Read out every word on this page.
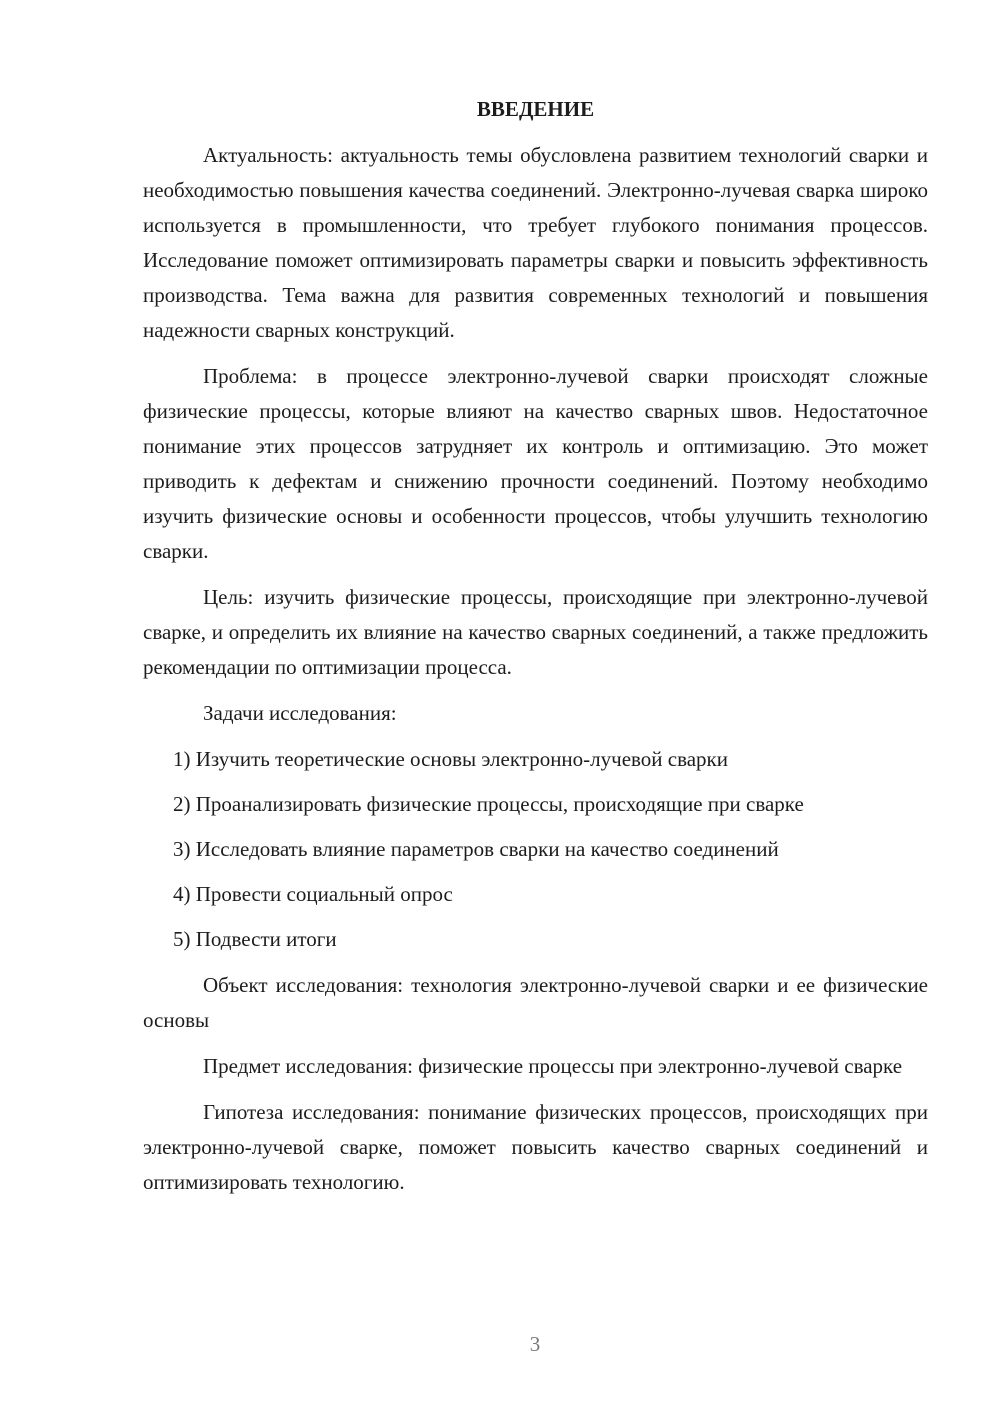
ВВЕДЕНИЕ

Актуальность: актуальность темы обусловлена развитием технологий сварки и необходимостью повышения качества соединений. Электронно-лучевая сварка широко используется в промышленности, что требует глубокого понимания процессов. Исследование поможет оптимизировать параметры сварки и повысить эффективность производства. Тема важна для развития современных технологий и повышения надежности сварных конструкций.

Проблема: в процессе электронно-лучевой сварки происходят сложные физические процессы, которые влияют на качество сварных швов. Недостаточное понимание этих процессов затрудняет их контроль и оптимизацию. Это может приводить к дефектам и снижению прочности соединений. Поэтому необходимо изучить физические основы и особенности процессов, чтобы улучшить технологию сварки.

Цель: изучить физические процессы, происходящие при электронно-лучевой сварке, и определить их влияние на качество сварных соединений, а также предложить рекомендации по оптимизации процесса.

Задачи исследования:

1) Изучить теоретические основы электронно-лучевой сварки
2) Проанализировать физические процессы, происходящие при сварке
3) Исследовать влияние параметров сварки на качество соединений
4) Провести социальный опрос
5) Подвести итоги

Объект исследования: технология электронно-лучевой сварки и ее физические основы

Предмет исследования: физические процессы при электронно-лучевой сварке

Гипотеза исследования: понимание физических процессов, происходящих при электронно-лучевой сварке, поможет повысить качество сварных соединений и оптимизировать технологию.

3
